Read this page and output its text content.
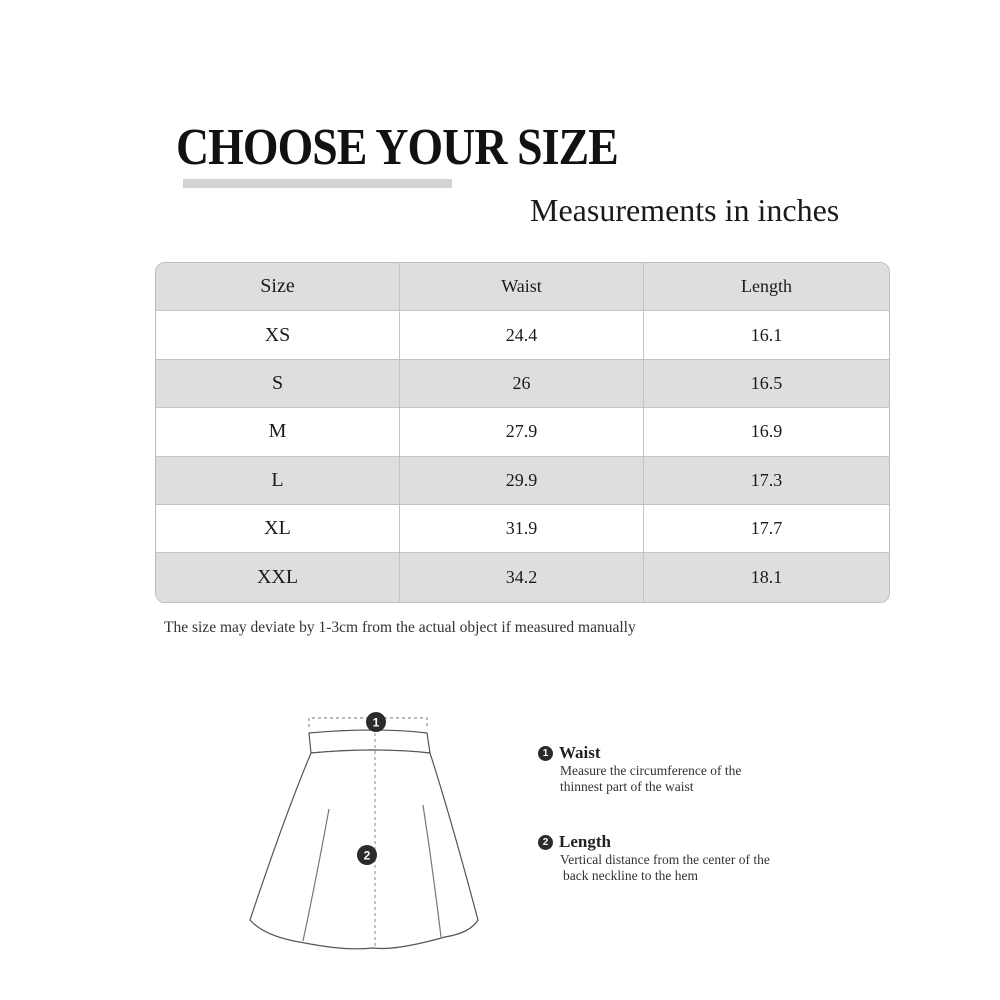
CHOOSE YOUR SIZE
Measurements in inches
Size	Waist	Length
XS	24.4	16.1
S	26	16.5
M	27.9	16.9
L	29.9	17.3
XL	31.9	17.7
XXL	34.2	18.1
The size may deviate by 1-3cm from the actual object if measured manually
1
2
1 Waist
Measure the circumference of the
thinnest part of the waist
2 Length
Vertical distance from the center of the
back neckline to the hem
